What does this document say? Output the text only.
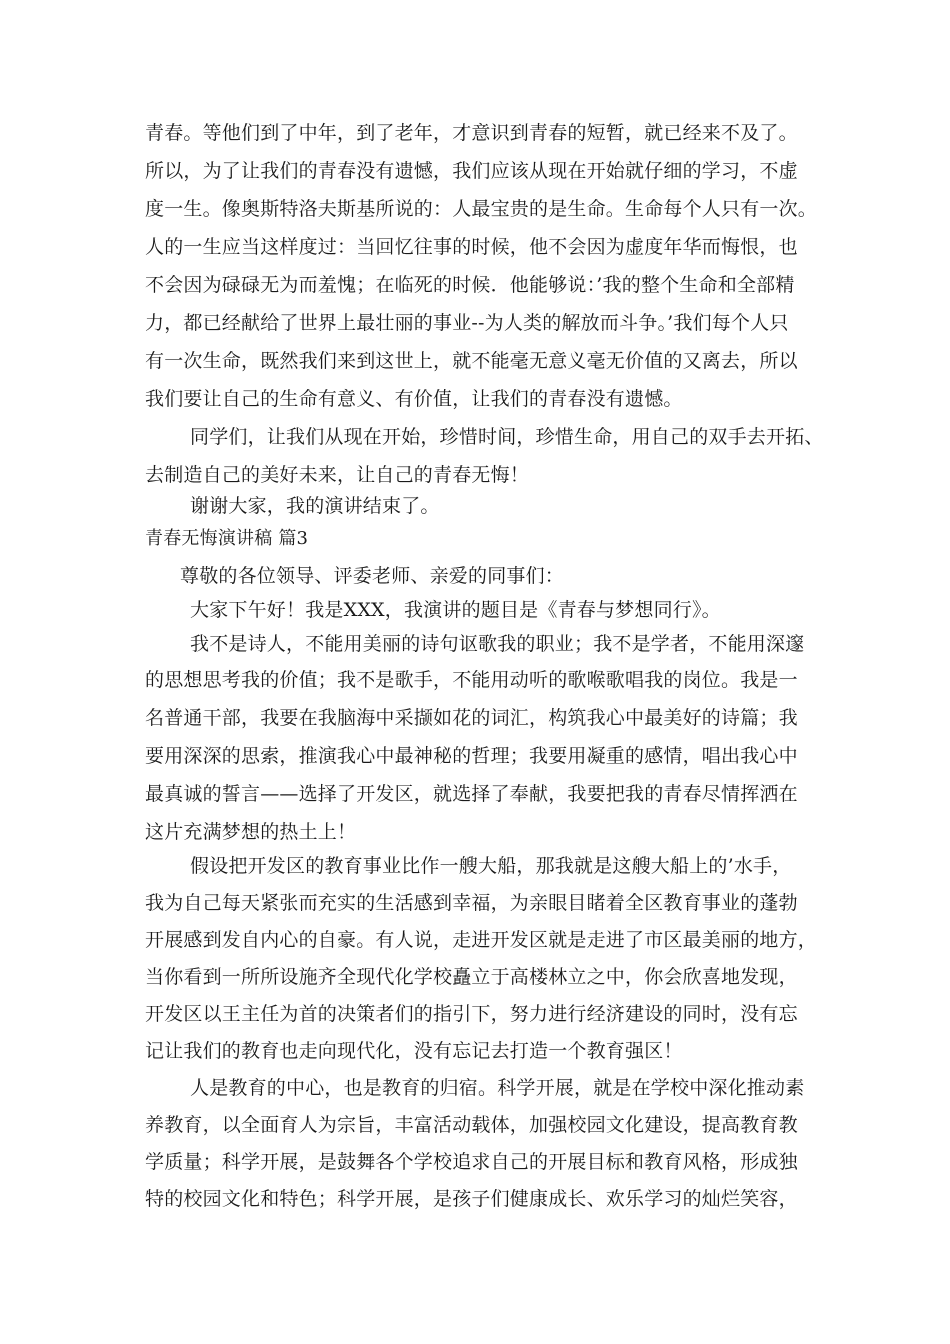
青春。等他们到了中年，到了老年，才意识到青春的短暂，就已经来不及了。
所以，为了让我们的青春没有遗憾，我们应该从现在开始就仔细的学习，不虚
度一生。像奥斯特洛夫斯基所说的：人最宝贵的是生命。生命每个人只有一次。
人的一生应当这样度过：当回忆往事的时候，他不会因为虚度年华而悔恨，也
不会因为碌碌无为而羞愧；在临死的时候．他能够说：’我的整个生命和全部精
力，都已经献给了世界上最壮丽的事业--为人类的解放而斗争。’我们每个人只
有一次生命，既然我们来到这世上，就不能毫无意义毫无价值的又离去，所以
我们要让自己的生命有意义、有价值，让我们的青春没有遗憾。
同学们，让我们从现在开始，珍惜时间，珍惜生命，用自己的双手去开拓、
去制造自己的美好未来，让自己的青春无悔！
谢谢大家，我的演讲结束了。
青春无悔演讲稿 篇3
尊敬的各位领导、评委老师、亲爱的同事们：
大家下午好！我是XXX，我演讲的题目是《青春与梦想同行》。
我不是诗人，不能用美丽的诗句讴歌我的职业；我不是学者，不能用深邃
的思想思考我的价值；我不是歌手，不能用动听的歌喉歌唱我的岗位。我是一
名普通干部，我要在我脑海中采撷如花的词汇，构筑我心中最美好的诗篇；我
要用深深的思索，推演我心中最神秘的哲理；我要用凝重的感情，唱出我心中
最真诚的誓言——选择了开发区，就选择了奉献，我要把我的青春尽情挥洒在
这片充满梦想的热土上！
假设把开发区的教育事业比作一艘大船，那我就是这艘大船上的’水手，
我为自己每天紧张而充实的生活感到幸福，为亲眼目睹着全区教育事业的蓬勃
开展感到发自内心的自豪。有人说，走进开发区就是走进了市区最美丽的地方，
当你看到一所所设施齐全现代化学校矗立于高楼林立之中，你会欣喜地发现，
开发区以王主任为首的决策者们的指引下，努力进行经济建设的同时，没有忘
记让我们的教育也走向现代化，没有忘记去打造一个教育强区！
人是教育的中心，也是教育的归宿。科学开展，就是在学校中深化推动素
养教育，以全面育人为宗旨，丰富活动载体，加强校园文化建设，提高教育教
学质量；科学开展，是鼓舞各个学校追求自己的开展目标和教育风格，形成独
特的校园文化和特色；科学开展，是孩子们健康成长、欢乐学习的灿烂笑容，
